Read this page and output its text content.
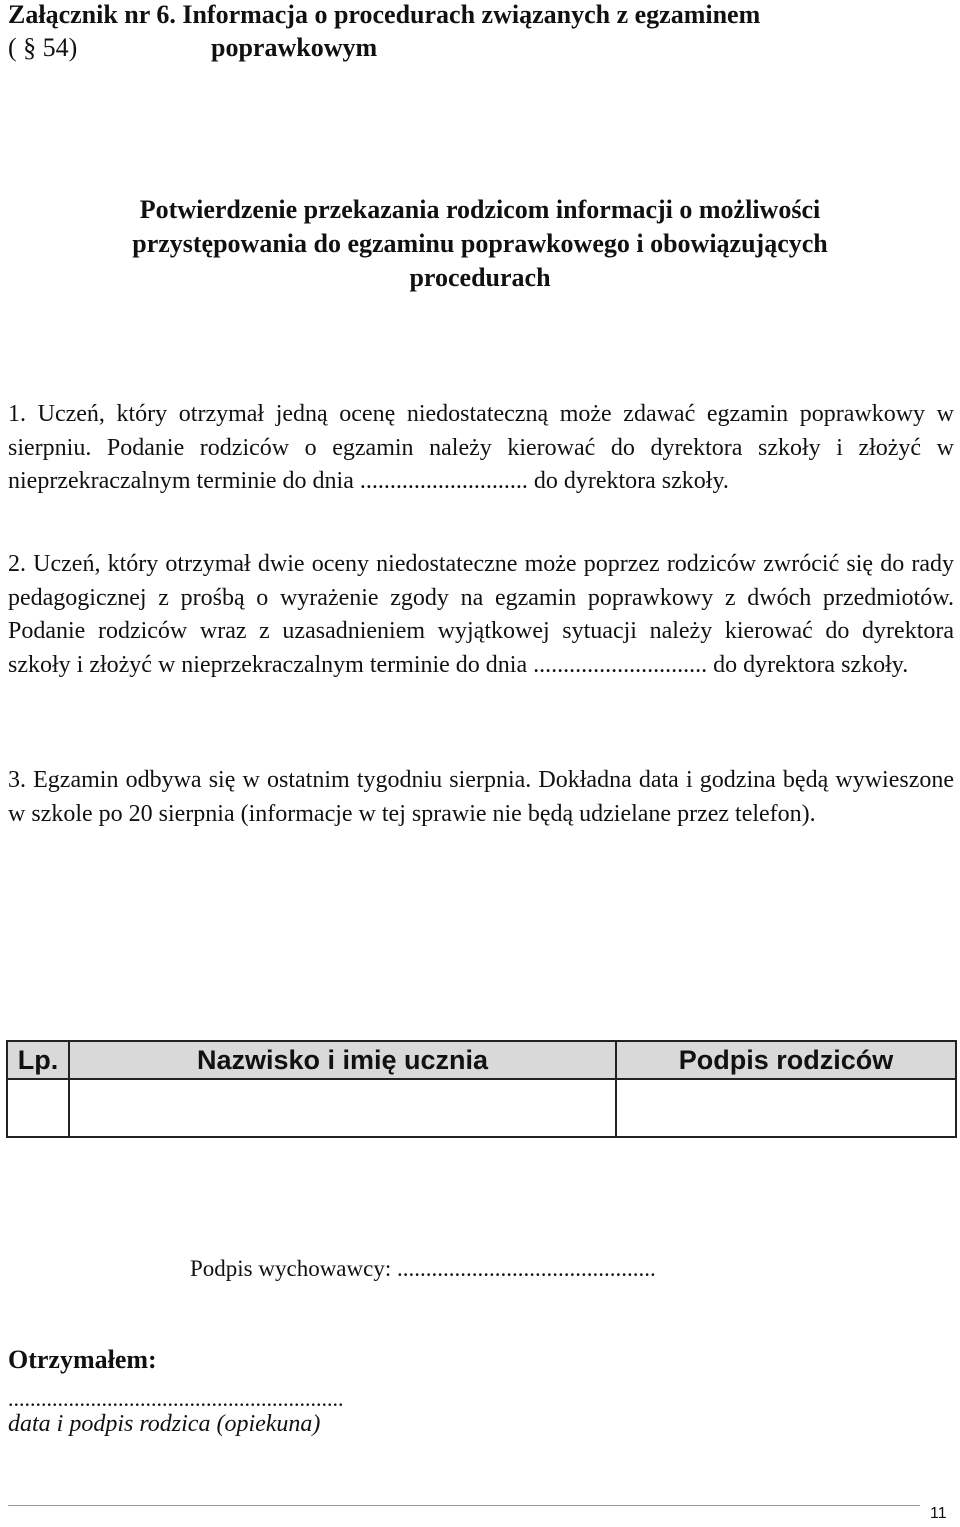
Załącznik nr 6. Informacja o procedurach związanych z egzaminem
( § 54)	poprawkowym
Potwierdzenie przekazania rodzicom informacji o możliwości
przystępowania do egzaminu poprawkowego i obowiązujących
procedurach
1. Uczeń, który otrzymał jedną ocenę niedostateczną może zdawać egzamin poprawkowy w sierpniu. Podanie rodziców o egzamin należy kierować do dyrektora szkoły i złożyć w nieprzekraczalnym terminie do dnia ............................ do dyrektora szkoły.
2. Uczeń, który otrzymał dwie oceny niedostateczne może poprzez rodziców zwrócić się do rady pedagogicznej z prośbą o wyrażenie zgody na egzamin poprawkowy z dwóch przedmiotów. Podanie rodziców wraz z uzasadnieniem wyjątkowej sytuacji należy kierować do dyrektora szkoły i złożyć w nieprzekraczalnym terminie do dnia ............................. do dyrektora szkoły.
3. Egzamin odbywa się w ostatnim tygodniu sierpnia. Dokładna data i godzina będą wywieszone w szkole po 20 sierpnia (informacje w tej sprawie nie będą udzielane przez telefon).
Lp.	Nazwisko i imię ucznia	Podpis rodziców

Podpis wychowawcy: .............................................
Otrzymałem:
.............................................................
data i podpis rodzica (opiekuna)
11
